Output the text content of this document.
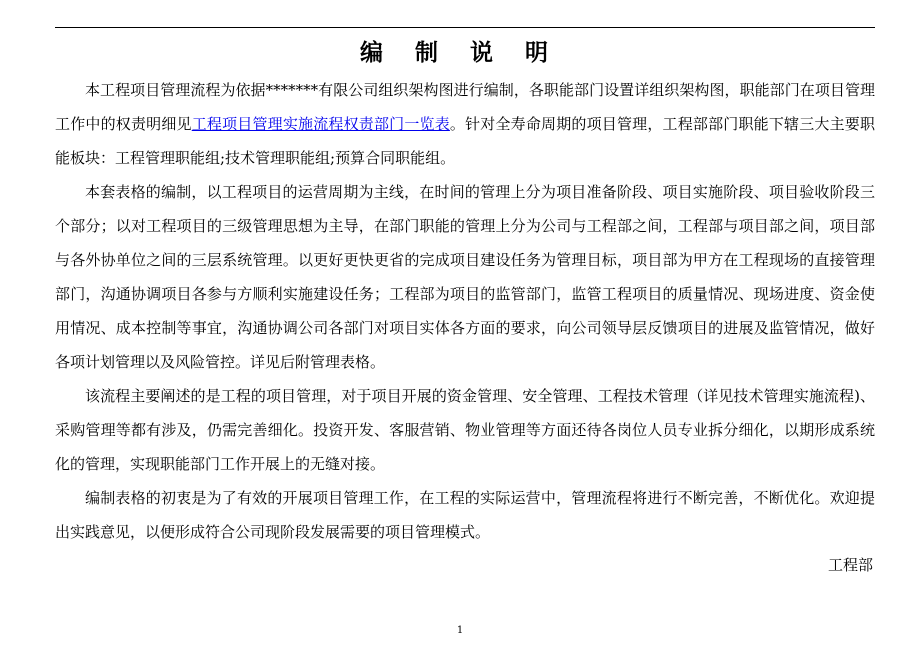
编 制 说 明

本工程项目管理流程为依据*******有限公司组织架构图进行编制，各职能部门设置详组织架构图，职能部门在项目管理工作中的权责明细见工程项目管理实施流程权责部门一览表。针对全寿命周期的项目管理，工程部部门职能下辖三大主要职能板块：工程管理职能组;技术管理职能组;预算合同职能组。

本套表格的编制，以工程项目的运营周期为主线，在时间的管理上分为项目准备阶段、项目实施阶段、项目验收阶段三个部分；以对工程项目的三级管理思想为主导，在部门职能的管理上分为公司与工程部之间，工程部与项目部之间，项目部与各外协单位之间的三层系统管理。以更好更快更省的完成项目建设任务为管理目标，项目部为甲方在工程现场的直接管理部门，沟通协调项目各参与方顺利实施建设任务；工程部为项目的监管部门，监管工程项目的质量情况、现场进度、资金使用情况、成本控制等事宜，沟通协调公司各部门对项目实体各方面的要求，向公司领导层反馈项目的进展及监管情况，做好各项计划管理以及风险管控。详见后附管理表格。

该流程主要阐述的是工程的项目管理，对于项目开展的资金管理、安全管理、工程技术管理（详见技术管理实施流程)、采购管理等都有涉及，仍需完善细化。投资开发、客服营销、物业管理等方面还待各岗位人员专业拆分细化，以期形成系统化的管理，实现职能部门工作开展上的无缝对接。

编制表格的初衷是为了有效的开展项目管理工作，在工程的实际运营中，管理流程将进行不断完善，不断优化。欢迎提出实践意见，以便形成符合公司现阶段发展需要的项目管理模式。

工程部
1
